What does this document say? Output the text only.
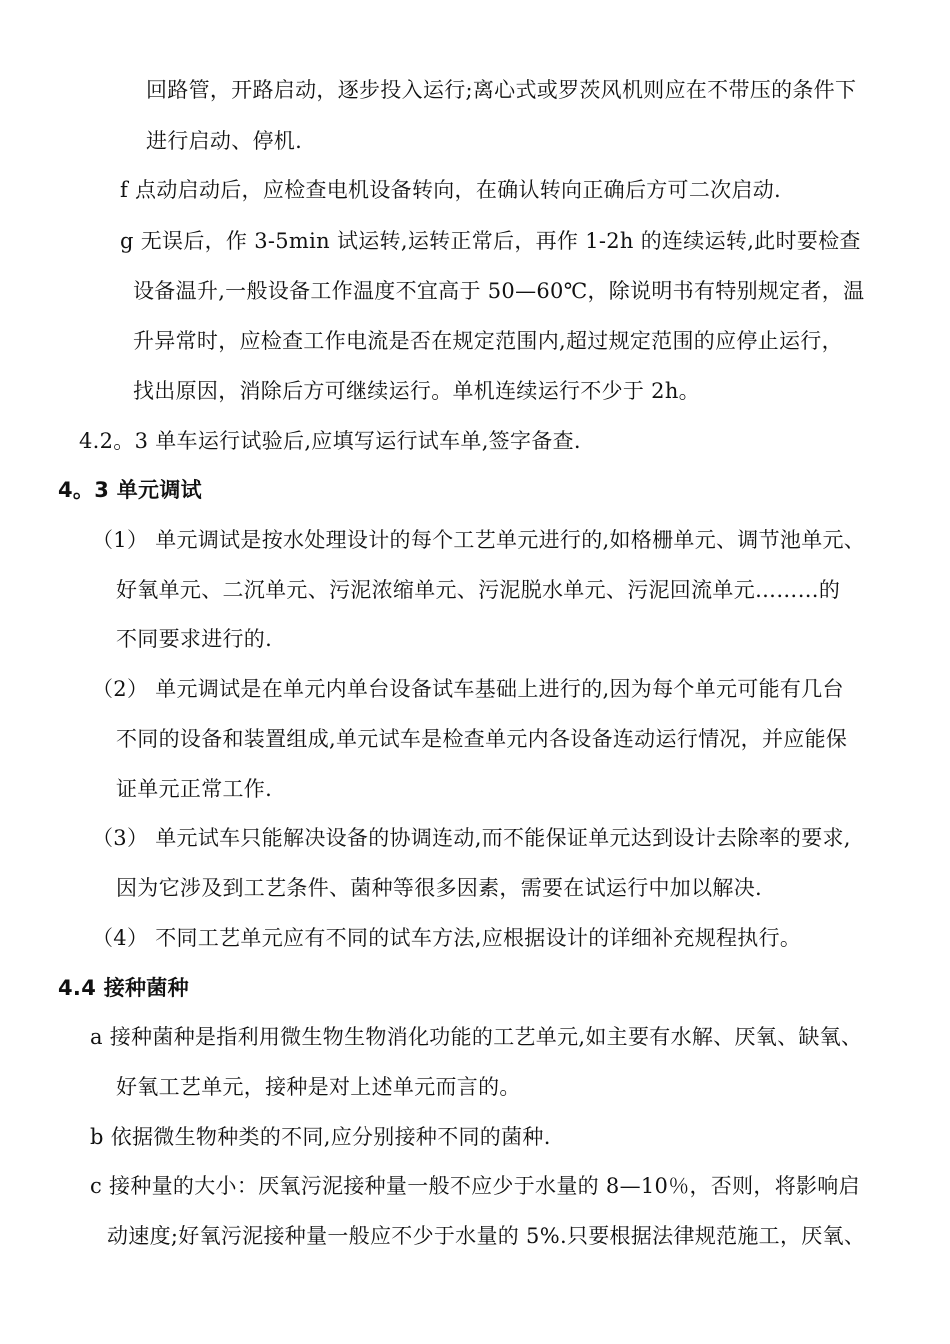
回路管，开路启动，逐步投入运行;离心式或罗茨风机则应在不带压的条件下
进行启动、停机.
f 点动启动后，应检查电机设备转向，在确认转向正确后方可二次启动.
g 无误后，作 3-5min 试运转,运转正常后，再作 1-2h 的连续运转,此时要检查
设备温升,一般设备工作温度不宜高于 50—60℃，除说明书有特别规定者，温
升异常时，应检查工作电流是否在规定范围内,超过规定范围的应停止运行，
找出原因，消除后方可继续运行。单机连续运行不少于 2h。
4.2。3 单车运行试验后,应填写运行试车单,签字备查.
4。3 单元调试
（1） 单元调试是按水处理设计的每个工艺单元进行的,如格栅单元、调节池单元、
好氧单元、二沉单元、污泥浓缩单元、污泥脱水单元、污泥回流单元………的
不同要求进行的.
（2） 单元调试是在单元内单台设备试车基础上进行的,因为每个单元可能有几台
不同的设备和装置组成,单元试车是检查单元内各设备连动运行情况，并应能保
证单元正常工作.
（3） 单元试车只能解决设备的协调连动,而不能保证单元达到设计去除率的要求,
因为它涉及到工艺条件、菌种等很多因素，需要在试运行中加以解决.
（4） 不同工艺单元应有不同的试车方法,应根据设计的详细补充规程执行。
4.4 接种菌种
a 接种菌种是指利用微生物生物消化功能的工艺单元,如主要有水解、厌氧、缺氧、
好氧工艺单元，接种是对上述单元而言的。
b 依据微生物种类的不同,应分别接种不同的菌种.
c 接种量的大小：厌氧污泥接种量一般不应少于水量的 8—10％，否则，将影响启
动速度;好氧污泥接种量一般应不少于水量的 5%.只要根据法律规范施工，厌氧、
